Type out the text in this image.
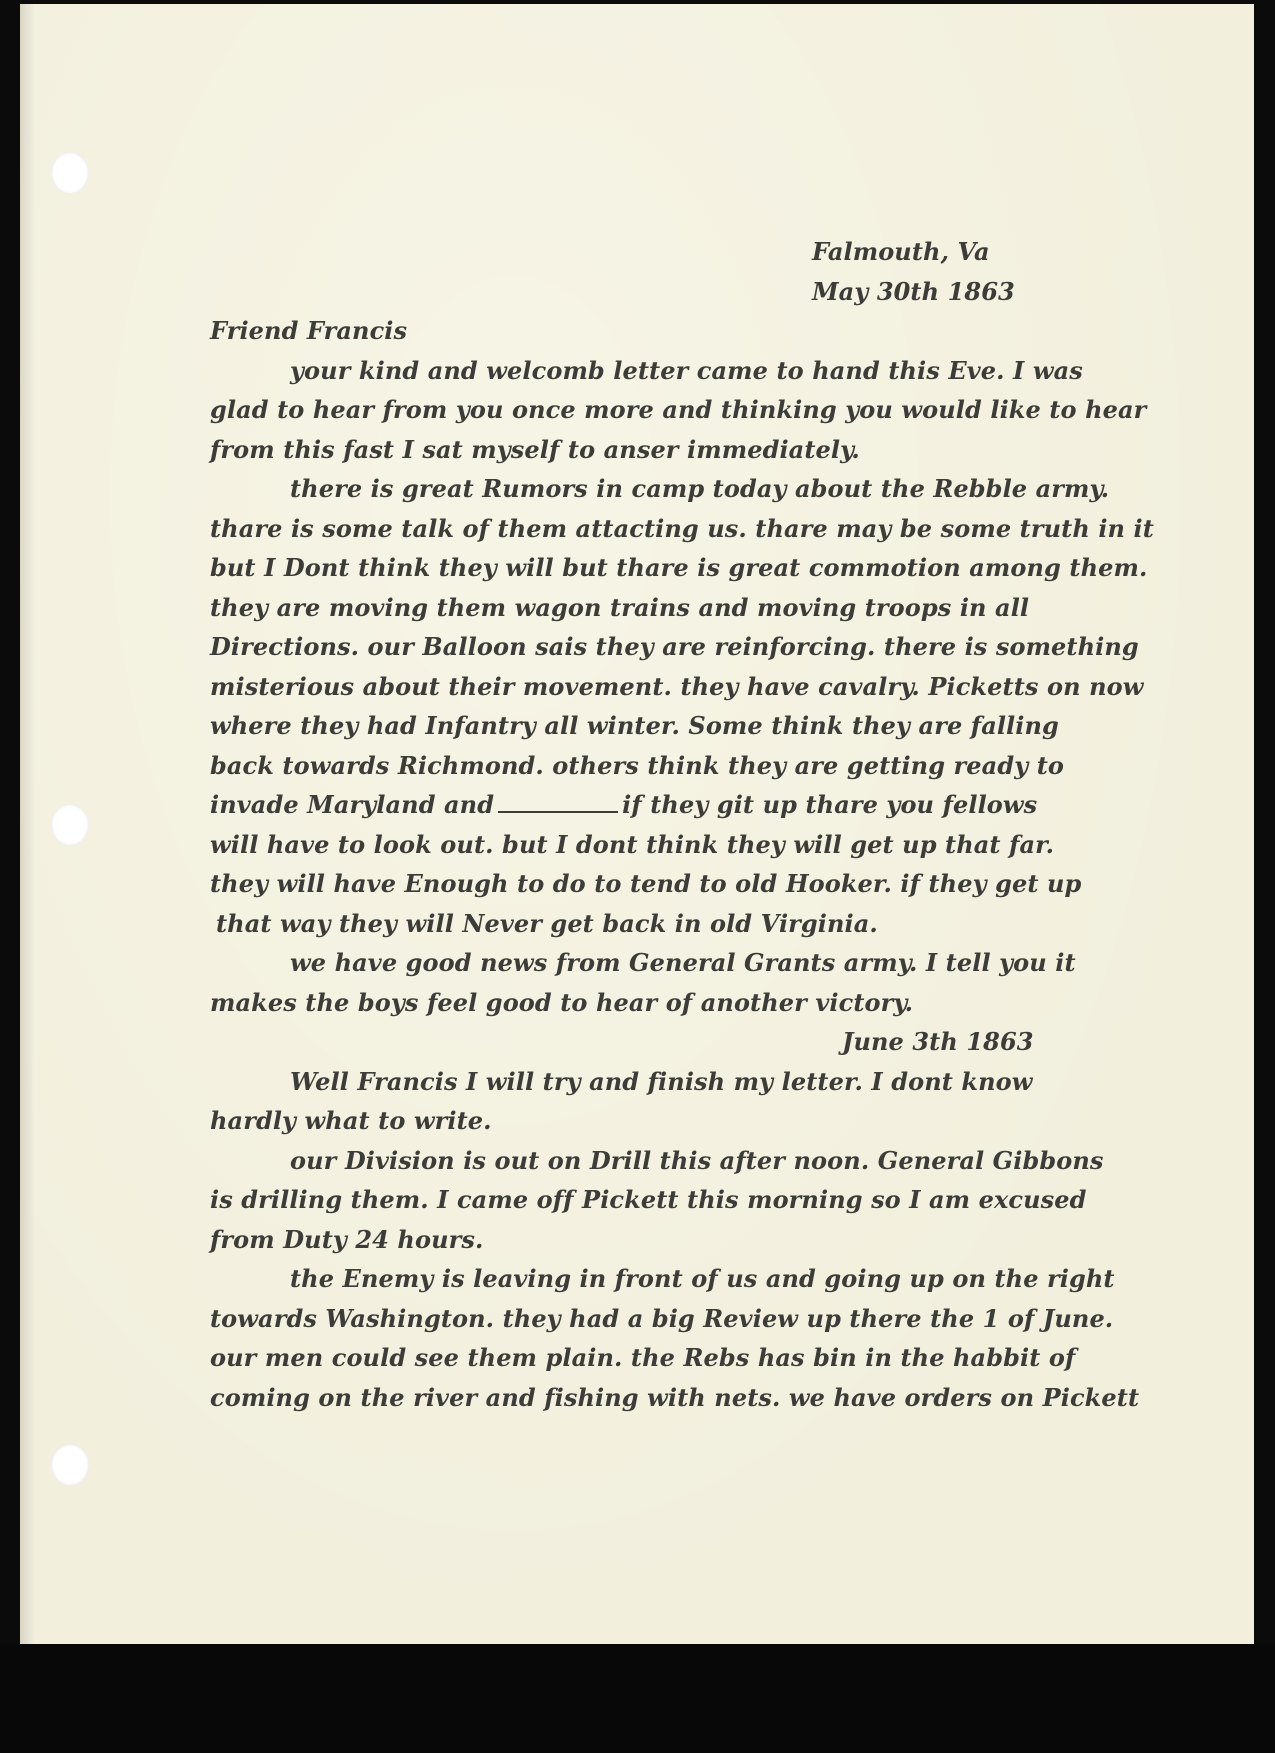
Falmouth, Va
May 30th 1863
Friend Francis
your kind and welcomb letter came to hand this Eve. I was
glad to hear from you once more and thinking you would like to hear
from this fast I sat myself to anser immediately.
there is great Rumors in camp today about the Rebble army.
thare is some talk of them attacting us. thare may be some truth in it
but I Dont think they will but thare is great commotion among them.
they are moving them wagon trains and moving troops in all
Directions. our Balloon sais they are reinforcing. there is something
misterious about their movement. they have cavalry. Picketts on now
where they had Infantry all winter. Some think they are falling
back towards Richmond. others think they are getting ready to
invade Maryland and	if they git up thare you fellows
will have to look out. but I dont think they will get up that far.
they will have Enough to do to tend to old Hooker. if they get up
that way they will Never get back in old Virginia.
we have good news from General Grants army. I tell you it
makes the boys feel good to hear of another victory.
June 3th 1863
Well Francis I will try and finish my letter. I dont know
hardly what to write.
our Division is out on Drill this after noon. General Gibbons
is drilling them. I came off Pickett this morning so I am excused
from Duty 24 hours.
the Enemy is leaving in front of us and going up on the right
towards Washington. they had a big Review up there the 1 of June.
our men could see them plain. the Rebs has bin in the habbit of
coming on the river and fishing with nets. we have orders on Pickett
